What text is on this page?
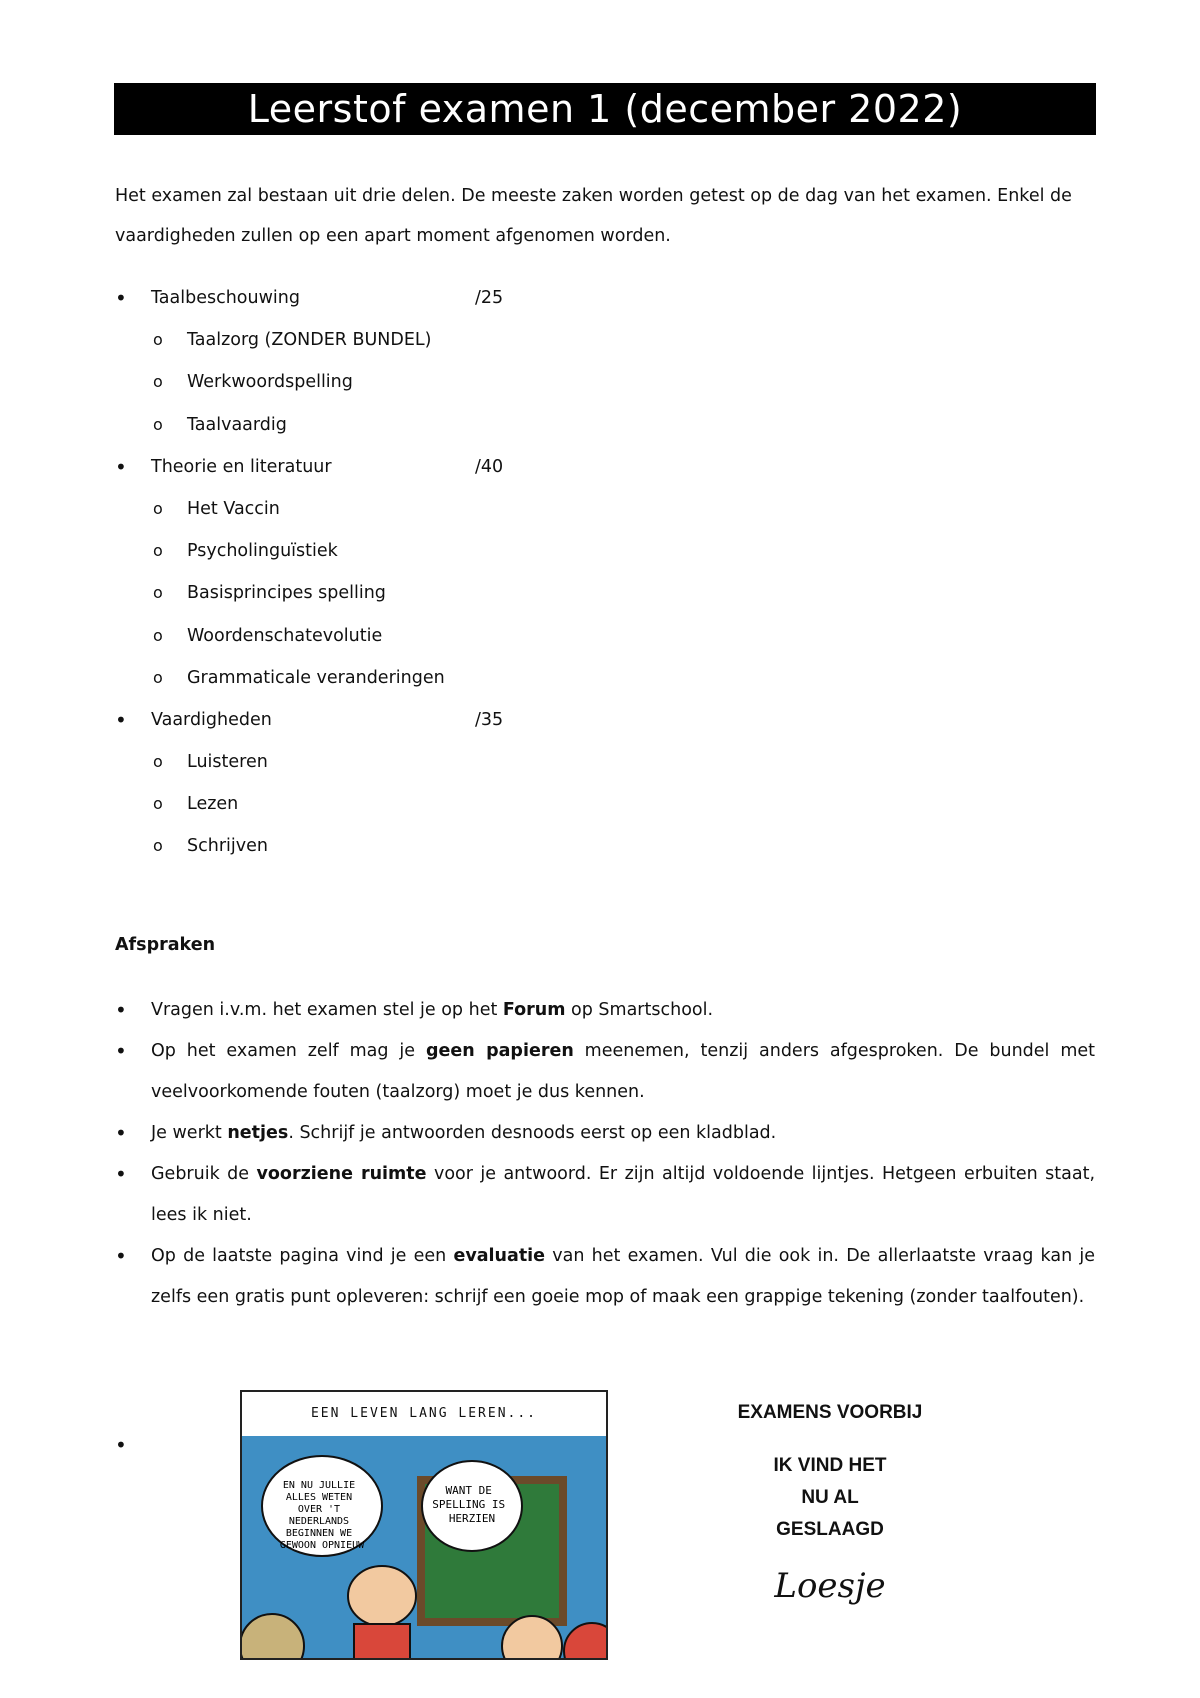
Leerstof examen 1 (december 2022)

Het examen zal bestaan uit drie delen. De meeste zaken worden getest op de dag van het examen. Enkel de vaardigheden zullen op een apart moment afgenomen worden.

• Taalbeschouwing	/25
o Taalzorg (ZONDER BUNDEL)
o Werkwoordspelling
o Taalvaardig
• Theorie en literatuur	/40
o Het Vaccin
o Psycholinguïstiek
o Basisprincipes spelling
o Woordenschatevolutie
o Grammaticale veranderingen
• Vaardigheden	/35
o Luisteren
o Lezen
o Schrijven
Afspraken
• Vragen i.v.m. het examen stel je op het Forum op Smartschool.
• Op het examen zelf mag je geen papieren meenemen, tenzij anders afgesproken. De bundel met veelvoorkomende fouten (taalzorg) moet je dus kennen.
• Je werkt netjes. Schrijf je antwoorden desnoods eerst op een kladblad.
• Gebruik de voorziene ruimte voor je antwoord. Er zijn altijd voldoende lijntjes. Hetgeen erbuiten staat, lees ik niet.
• Op de laatste pagina vind je een evaluatie van het examen. Vul die ook in. De allerlaatste vraag kan je zelfs een gratis punt opleveren: schrijf een goeie mop of maak een grappige tekening (zonder taalfouten).
•
EEN LEVEN LANG LEREN...
EN NU JULLIE ALLES WETEN OVER 'T NEDERLANDS BEGINNEN WE GEWOON OPNIEUW
WANT DE SPELLING IS HERZIEN
EXAMENS VOORBIJ
IK VIND HET
NU AL
GESLAAGD
Loesje
